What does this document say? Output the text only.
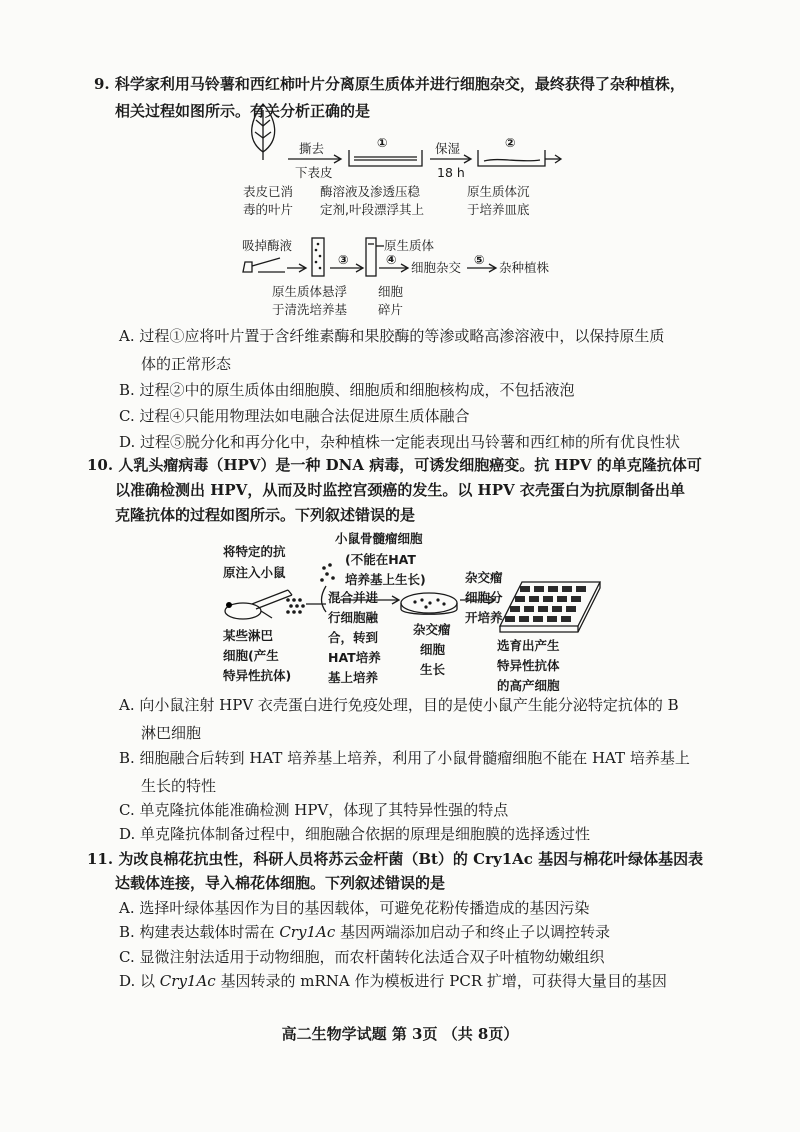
9. 科学家利用马铃薯和西红柿叶片分离原生质体并进行细胞杂交，最终获得了杂种植株，
相关过程如图所示。有关分析正确的是
撕去
下表皮
①	保湿
18 h
②
表皮已消
毒的叶片
酶溶液及渗透压稳
定剂,叶段漂浮其上
原生质体沉
于培养皿底
吸掉酶液
③
原生质体
细胞
碎片
④
细胞杂交
⑤
杂种植株
原生质体悬浮
于清洗培养基
A. 过程①应将叶片置于含纤维素酶和果胶酶的等渗或略高渗溶液中，以保持原生质
体的正常形态
B. 过程②中的原生质体由细胞膜、细胞质和细胞核构成，不包括液泡
C. 过程④只能用物理法如电融合法促进原生质体融合
D. 过程⑤脱分化和再分化中，杂种植株一定能表现出马铃薯和西红柿的所有优良性状
10. 人乳头瘤病毒（HPV）是一种 DNA 病毒，可诱发细胞癌变。抗 HPV 的单克隆抗体可
以准确检测出 HPV，从而及时监控宫颈癌的发生。以 HPV 衣壳蛋白为抗原制备出单
克隆抗体的过程如图所示。下列叙述错误的是
将特定的抗
原注入小鼠
小鼠骨髓瘤细胞
(不能在HAT
培养基上生长)
某些淋巴
细胞(产生
特异性抗体)
混合并进
行细胞融
合，转到
HAT培养
基上培养
杂交瘤
细胞
生长
杂交瘤
细胞分
开培养
选育出产生
特异性抗体
的高产细胞
A. 向小鼠注射 HPV 衣壳蛋白进行免疫处理，目的是使小鼠产生能分泌特定抗体的 B
淋巴细胞
B. 细胞融合后转到 HAT 培养基上培养，利用了小鼠骨髓瘤细胞不能在 HAT 培养基上
生长的特性
C. 单克隆抗体能准确检测 HPV，体现了其特异性强的特点
D. 单克隆抗体制备过程中，细胞融合依据的原理是细胞膜的选择透过性
11. 为改良棉花抗虫性，科研人员将苏云金杆菌（Bt）的 Cry1Ac 基因与棉花叶绿体基因表
达载体连接，导入棉花体细胞。下列叙述错误的是
A. 选择叶绿体基因作为目的基因载体，可避免花粉传播造成的基因污染
B. 构建表达载体时需在 Cry1Ac 基因两端添加启动子和终止子以调控转录
C. 显微注射法适用于动物细胞，而农杆菌转化法适合双子叶植物幼嫩组织
D. 以 Cry1Ac 基因转录的 mRNA 作为模板进行 PCR 扩增，可获得大量目的基因
高二生物学试题 第 3页 （共 8页）
